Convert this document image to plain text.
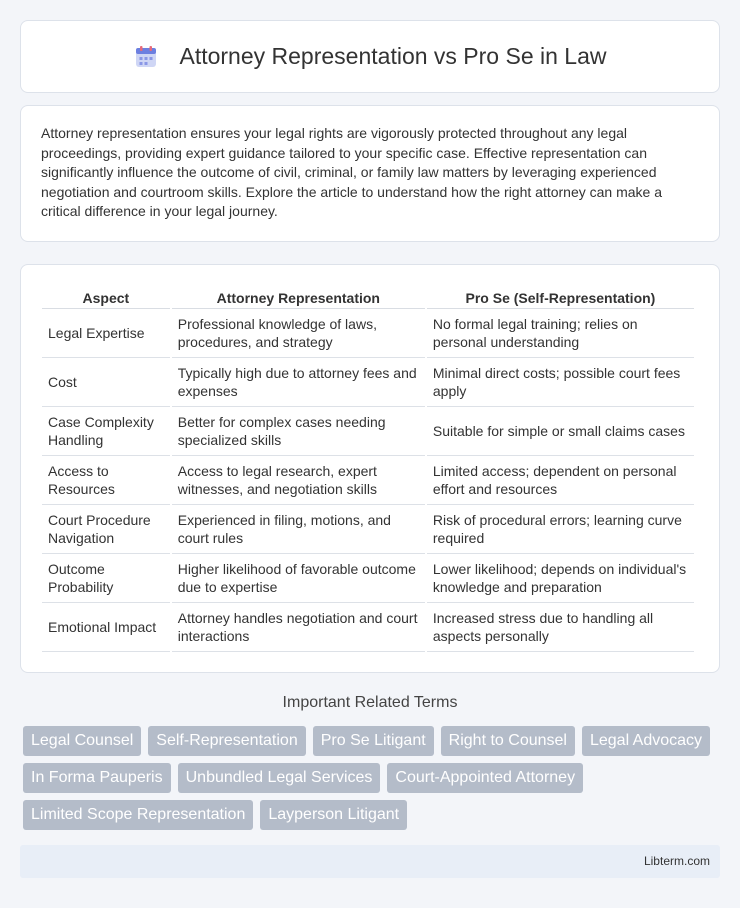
Attorney Representation vs Pro Se in Law

Attorney representation ensures your legal rights are vigorously protected throughout any legal proceedings, providing expert guidance tailored to your specific case. Effective representation can significantly influence the outcome of civil, criminal, or family law matters by leveraging experienced negotiation and courtroom skills. Explore the article to understand how the right attorney can make a critical difference in your legal journey.

Aspect	Attorney Representation	Pro Se (Self-Representation)
Legal Expertise	Professional knowledge of laws, procedures, and strategy	No formal legal training; relies on personal understanding
Cost	Typically high due to attorney fees and expenses	Minimal direct costs; possible court fees apply
Case Complexity Handling	Better for complex cases needing specialized skills	Suitable for simple or small claims cases
Access to Resources	Access to legal research, expert witnesses, and negotiation skills	Limited access; dependent on personal effort and resources
Court Procedure Navigation	Experienced in filing, motions, and court rules	Risk of procedural errors; learning curve required
Outcome Probability	Higher likelihood of favorable outcome due to expertise	Lower likelihood; depends on individual's knowledge and preparation
Emotional Impact	Attorney handles negotiation and court interactions	Increased stress due to handling all aspects personally
Important Related Terms
Legal Counsel	Self-Representation	Pro Se Litigant	Right to Counsel	Legal Advocacy
In Forma Pauperis	Unbundled Legal Services	Court-Appointed Attorney
Limited Scope Representation	Layperson Litigant
Libterm.com
